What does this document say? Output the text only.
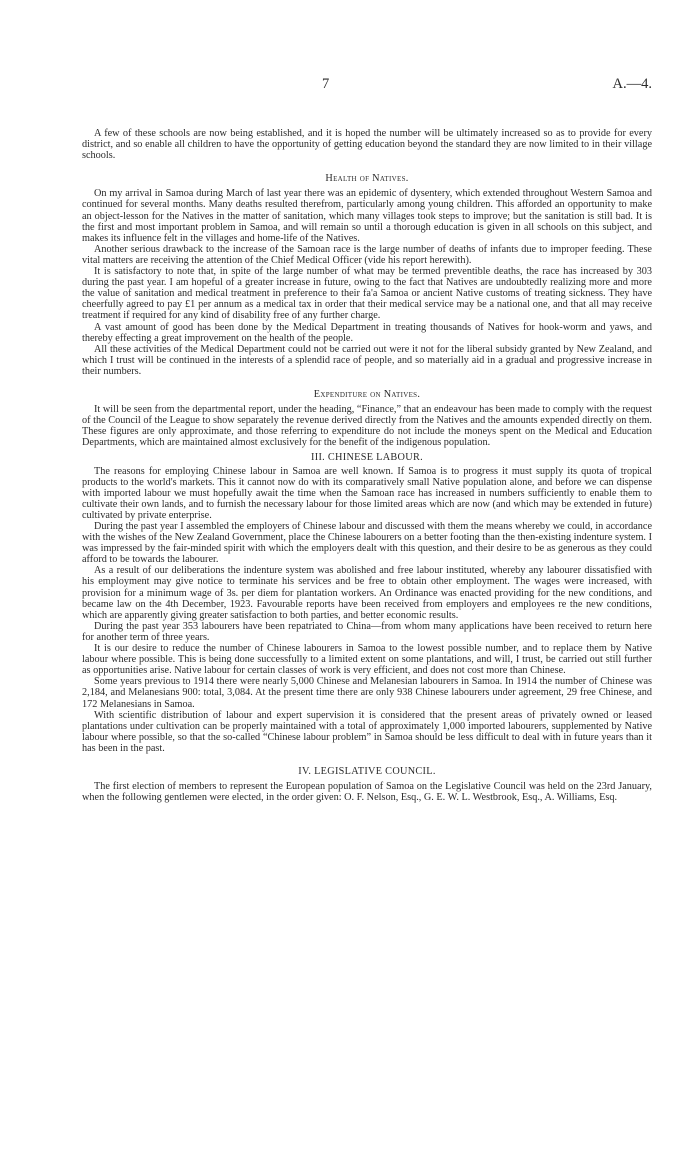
7	A.—4.

A few of these schools are now being established, and it is hoped the number will be ultimately increased so as to provide for every district, and so enable all children to have the opportunity of getting education beyond the standard they are now limited to in their village schools.

Health of Natives.

On my arrival in Samoa during March of last year there was an epidemic of dysentery, which extended throughout Western Samoa and continued for several months. Many deaths resulted therefrom, particularly among young children. This afforded an opportunity to make an object-lesson for the Natives in the matter of sanitation, which many villages took steps to improve; but the sanitation is still bad. It is the first and most important problem in Samoa, and will remain so until a thorough education is given in all schools on this subject, and makes its influence felt in the villages and home-life of the Natives.

Another serious drawback to the increase of the Samoan race is the large number of deaths of infants due to improper feeding. These vital matters are receiving the attention of the Chief Medical Officer (vide his report herewith).

It is satisfactory to note that, in spite of the large number of what may be termed preventible deaths, the race has increased by 303 during the past year. I am hopeful of a greater increase in future, owing to the fact that Natives are undoubtedly realizing more and more the value of sanitation and medical treatment in preference to their fa'a Samoa or ancient Native customs of treating sickness. They have cheerfully agreed to pay £1 per annum as a medical tax in order that their medical service may be a national one, and that all may receive treatment if required for any kind of disability free of any further charge.

A vast amount of good has been done by the Medical Department in treating thousands of Natives for hook-worm and yaws, and thereby effecting a great improvement on the health of the people.

All these activities of the Medical Department could not be carried out were it not for the liberal subsidy granted by New Zealand, and which I trust will be continued in the interests of a splendid race of people, and so materially aid in a gradual and progressive increase in their numbers.

Expenditure on Natives.

It will be seen from the departmental report, under the heading, “Finance,” that an endeavour has been made to comply with the request of the Council of the League to show separately the revenue derived directly from the Natives and the amounts expended directly on them. These figures are only approximate, and those referring to expenditure do not include the moneys spent on the Medical and Education Departments, which are maintained almost exclusively for the benefit of the indigenous population.

III. CHINESE LABOUR.

The reasons for employing Chinese labour in Samoa are well known. If Samoa is to progress it must supply its quota of tropical products to the world's markets. This it cannot now do with its comparatively small Native population alone, and before we can dispense with imported labour we must hopefully await the time when the Samoan race has increased in numbers sufficiently to enable them to cultivate their own lands, and to furnish the necessary labour for those limited areas which are now (and which may be extended in future) cultivated by private enterprise.

During the past year I assembled the employers of Chinese labour and discussed with them the means whereby we could, in accordance with the wishes of the New Zealand Government, place the Chinese labourers on a better footing than the then-existing indenture system. I was impressed by the fair-minded spirit with which the employers dealt with this question, and their desire to be as generous as they could afford to be towards the labourer.

As a result of our deliberations the indenture system was abolished and free labour instituted, whereby any labourer dissatisfied with his employment may give notice to terminate his services and be free to obtain other employment. The wages were increased, with provision for a minimum wage of 3s. per diem for plantation workers. An Ordinance was enacted providing for the new conditions, and became law on the 4th December, 1923. Favourable reports have been received from employers and employees re the new conditions, which are apparently giving greater satisfaction to both parties, and better economic results.

During the past year 353 labourers have been repatriated to China—from whom many applications have been received to return here for another term of three years.

It is our desire to reduce the number of Chinese labourers in Samoa to the lowest possible number, and to replace them by Native labour where possible. This is being done successfully to a limited extent on some plantations, and will, I trust, be carried out still further as opportunities arise. Native labour for certain classes of work is very efficient, and does not cost more than Chinese.

Some years previous to 1914 there were nearly 5,000 Chinese and Melanesian labourers in Samoa. In 1914 the number of Chinese was 2,184, and Melanesians 900: total, 3,084. At the present time there are only 938 Chinese labourers under agreement, 29 free Chinese, and 172 Melanesians in Samoa.

With scientific distribution of labour and expert supervision it is considered that the present areas of privately owned or leased plantations under cultivation can be properly maintained with a total of approximately 1,000 imported labourers, supplemented by Native labour where possible, so that the so-called “Chinese labour problem” in Samoa should be less difficult to deal with in future years than it has been in the past.

IV. LEGISLATIVE COUNCIL.

The first election of members to represent the European population of Samoa on the Legislative Council was held on the 23rd January, when the following gentlemen were elected, in the order given: O. F. Nelson, Esq., G. E. W. L. Westbrook, Esq., A. Williams, Esq.
